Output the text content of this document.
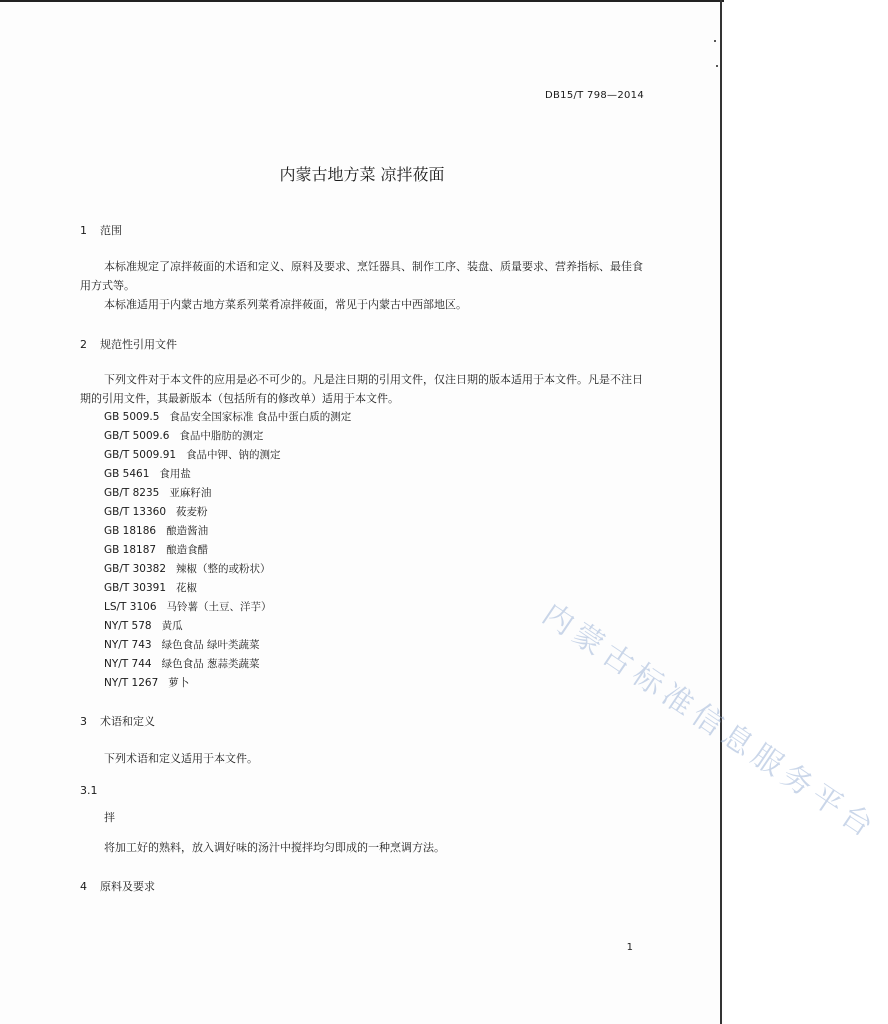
DB15/T 798—2014
内蒙古地方菜 凉拌莜面
1 范围
本标准规定了凉拌莜面的术语和定义、原料及要求、烹饪器具、制作工序、装盘、质量要求、营养指标、最佳食用方式等。
本标准适用于内蒙古地方菜系列菜肴凉拌莜面，常见于内蒙古中西部地区。
2 规范性引用文件
下列文件对于本文件的应用是必不可少的。凡是注日期的引用文件，仅注日期的版本适用于本文件。凡是不注日期的引用文件，其最新版本（包括所有的修改单）适用于本文件。
GB 5009.5 食品安全国家标准 食品中蛋白质的测定
GB/T 5009.6 食品中脂肪的测定
GB/T 5009.91 食品中钾、钠的测定
GB 5461 食用盐
GB/T 8235 亚麻籽油
GB/T 13360 莜麦粉
GB 18186 酿造酱油
GB 18187 酿造食醋
GB/T 30382 辣椒（整的或粉状）
GB/T 30391 花椒
LS/T 3106 马铃薯（土豆、洋芋）
NY/T 578 黄瓜
NY/T 743 绿色食品 绿叶类蔬菜
NY/T 744 绿色食品 葱蒜类蔬菜
NY/T 1267 萝卜
3 术语和定义
下列术语和定义适用于本文件。
3.1
拌
将加工好的熟料，放入调好味的汤汁中搅拌均匀即成的一种烹调方法。
4 原料及要求
内蒙古标准信息服务平台
1
